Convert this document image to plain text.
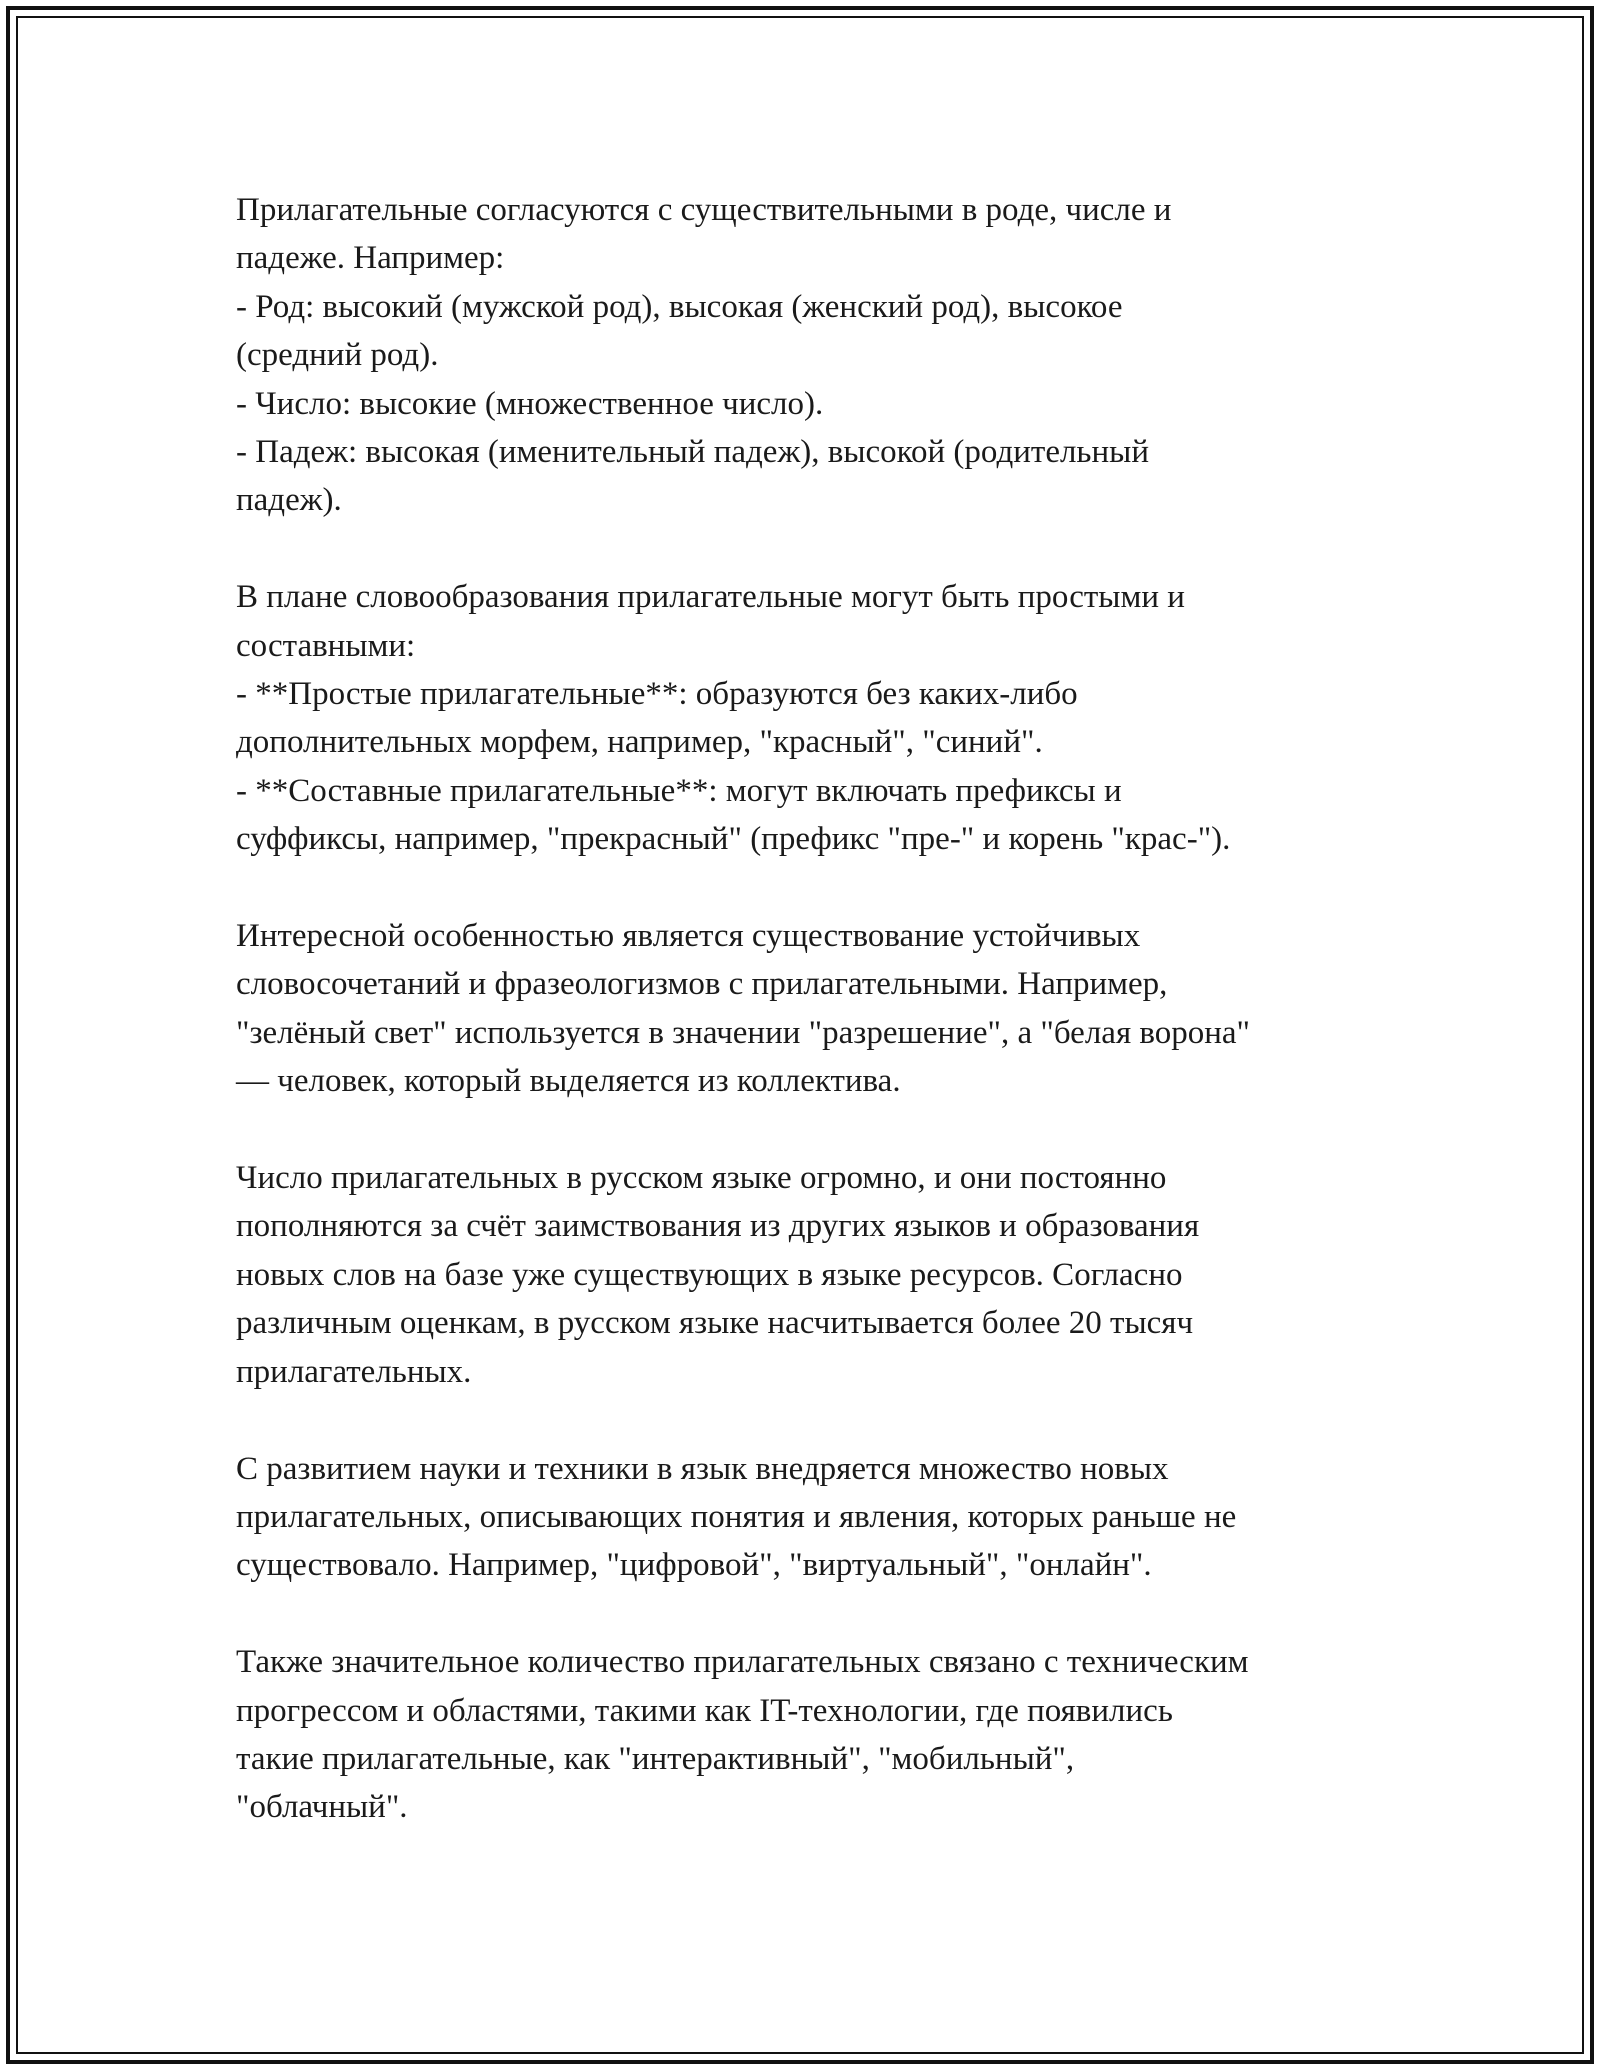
Прилагательные согласуются с существительными в роде, числе и
падеже. Например:
- Род: высокий (мужской род), высокая (женский род), высокое
(средний род).
- Число: высокие (множественное число).
- Падеж: высокая (именительный падеж), высокой (родительный
падеж).
В плане словообразования прилагательные могут быть простыми и
составными:
- **Простые прилагательные**: образуются без каких-либо
дополнительных морфем, например, "красный", "синий".
- **Составные прилагательные**: могут включать префиксы и
суффиксы, например, "прекрасный" (префикс "пре-" и корень "крас-").
Интересной особенностью является существование устойчивых
словосочетаний и фразеологизмов с прилагательными. Например,
"зелёный свет" используется в значении "разрешение", а "белая ворона"
— человек, который выделяется из коллектива.
Число прилагательных в русском языке огромно, и они постоянно
пополняются за счёт заимствования из других языков и образования
новых слов на базе уже существующих в языке ресурсов. Согласно
различным оценкам, в русском языке насчитывается более 20 тысяч
прилагательных.
С развитием науки и техники в язык внедряется множество новых
прилагательных, описывающих понятия и явления, которых раньше не
существовало. Например, "цифровой", "виртуальный", "онлайн".
Также значительное количество прилагательных связано с техническим
прогрессом и областями, такими как IT-технологии, где появились
такие прилагательные, как "интерактивный", "мобильный",
"облачный".
